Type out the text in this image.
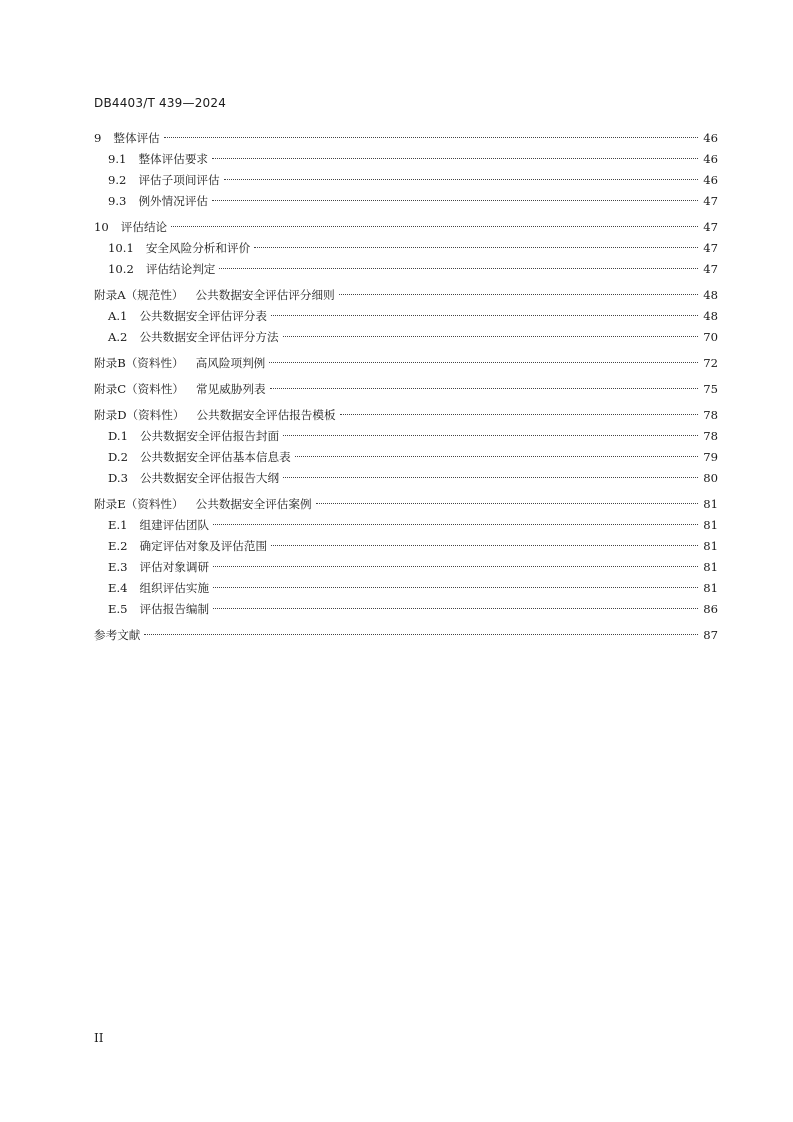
DB4403/T 439—2024
9 整体评估	46
9.1 整体评估要求	46
9.2 评估子项间评估	46
9.3 例外情况评估	47
10 评估结论	47
10.1 安全风险分析和评价	47
10.2 评估结论判定	47
附录A（规范性） 公共数据安全评估评分细则	48
A.1 公共数据安全评估评分表	48
A.2 公共数据安全评估评分方法	70
附录B（资料性） 高风险项判例	72
附录C（资料性） 常见威胁列表	75
附录D（资料性） 公共数据安全评估报告模板	78
D.1 公共数据安全评估报告封面	78
D.2 公共数据安全评估基本信息表	79
D.3 公共数据安全评估报告大纲	80
附录E（资料性） 公共数据安全评估案例	81
E.1 组建评估团队	81
E.2 确定评估对象及评估范围	81
E.3 评估对象调研	81
E.4 组织评估实施	81
E.5 评估报告编制	86
参考文献	87
II
